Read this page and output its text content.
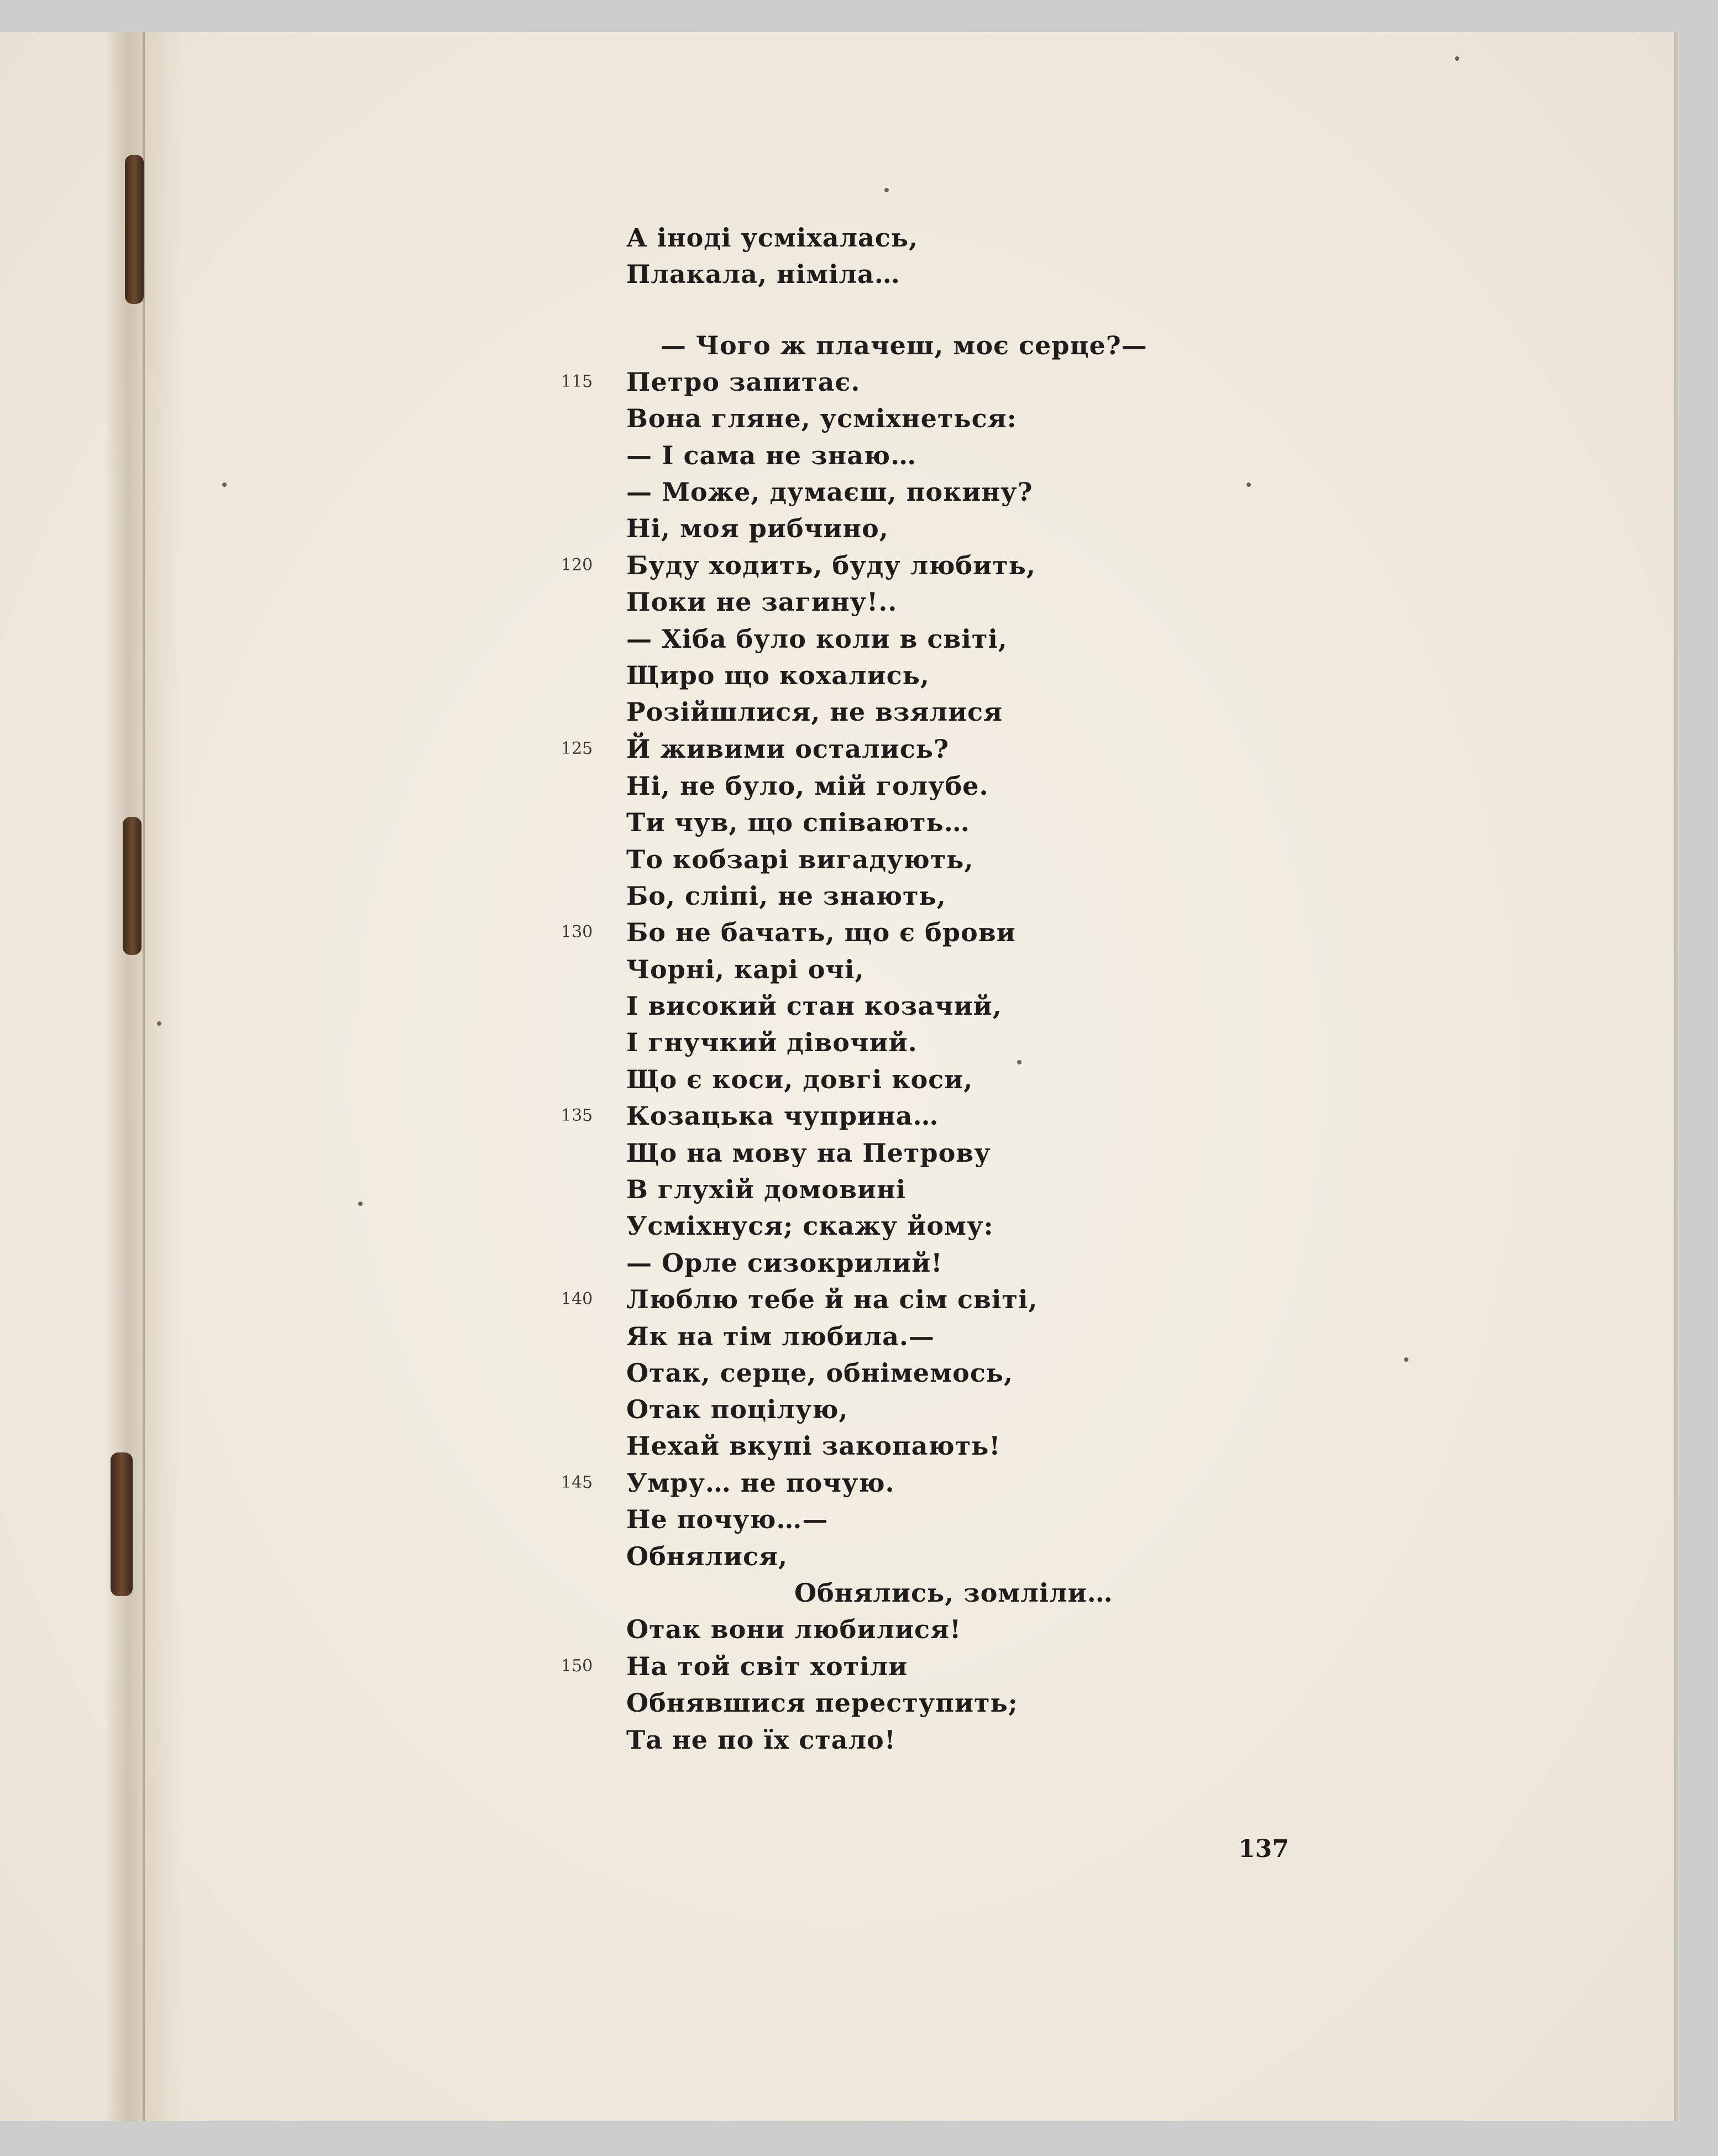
А іноді усміхалась,
Плакала, німіла…
— Чого ж плачеш, моє серце?—
Петро запитає.
115
Вона гляне, усміхнеться:
— І сама не знаю…
— Може, думаєш, покину?
Ні, моя рибчино,
Буду ходить, буду любить,
120
Поки не загину!..
— Хіба було коли в світі,
Щиро що кохались,
Розійшлися, не взялися
Й живими остались?
125
Ні, не було, мій голубе.
Ти чув, що співають…
То кобзарі вигадують,
Бо, сліпі, не знають,
Бо не бачать, що є брови
130
Чорні, карі очі,
І високий стан козачий,
І гнучкий дівочий.
Що є коси, довгі коси,
Козацька чуприна…
135
Що на мову на Петрову
В глухій домовині
Усміхнуся; скажу йому:
— Орле сизокрилий!
Люблю тебе й на сім світі,
140
Як на тім любила.—
Отак, серце, обнімемось,
Отак поцілую,
Нехай вкупі закопають!
Умру… не почую.
145
Не почую…—
Обнялися,
Обнялись, зомліли…
Отак вони любилися!
На той світ хотіли
150
Обнявшися переступить;
Та не по їх стало!
137
